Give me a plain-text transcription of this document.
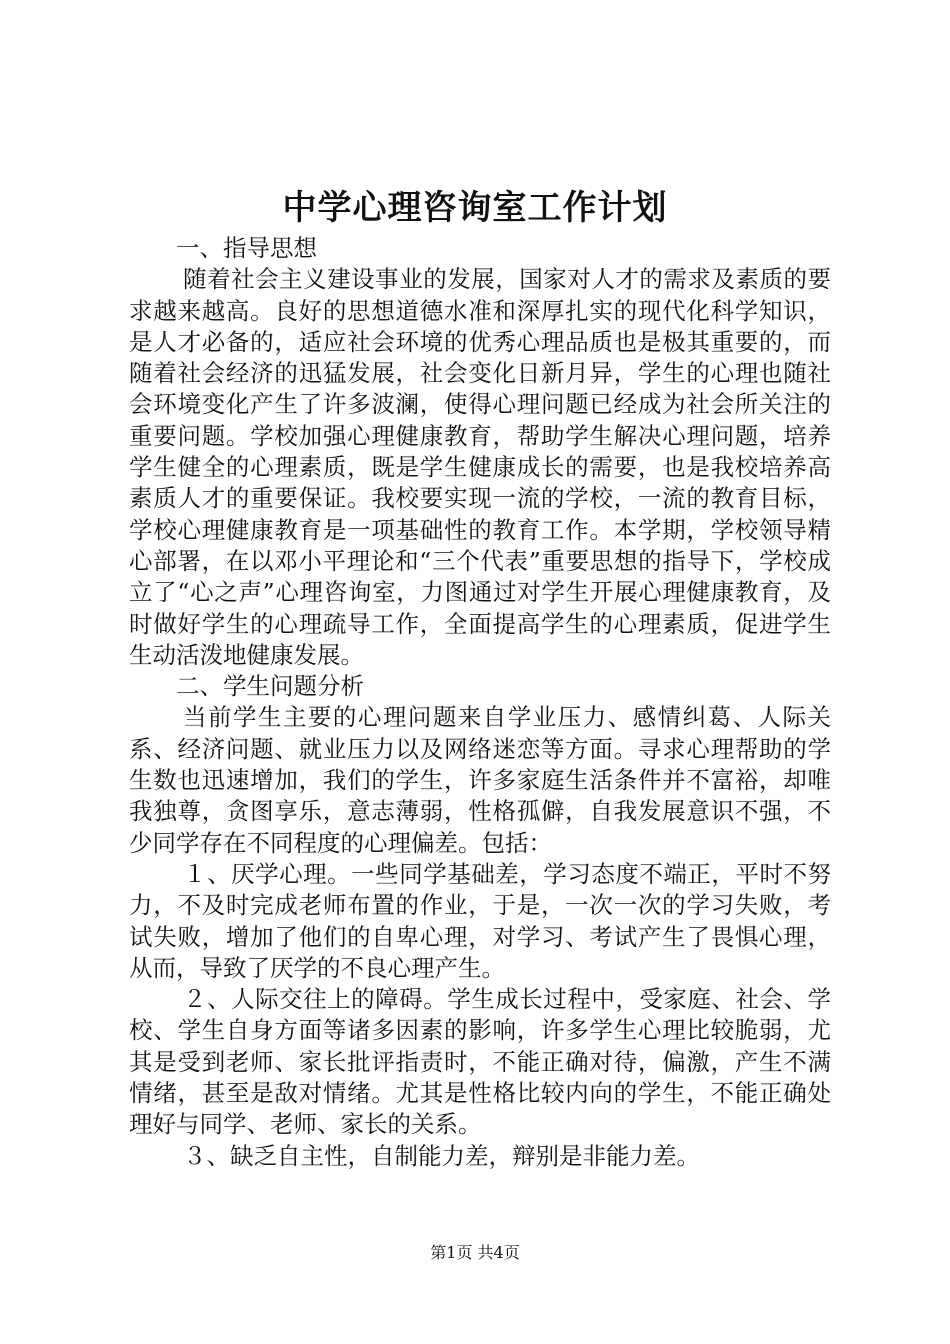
中学心理咨询室工作计划

一、指导思想

随着社会主义建设事业的发展，国家对人才的需求及素质的要求越来越高。良好的思想道德水准和深厚扎实的现代化科学知识，是人才必备的，适应社会环境的优秀心理品质也是极其重要的，而随着社会经济的迅猛发展，社会变化日新月异，学生的心理也随社会环境变化产生了许多波澜，使得心理问题已经成为社会所关注的重要问题。学校加强心理健康教育，帮助学生解决心理问题，培养学生健全的心理素质，既是学生健康成长的需要，也是我校培养高素质人才的重要保证。我校要实现一流的学校，一流的教育目标，学校心理健康教育是一项基础性的教育工作。本学期，学校领导精心部署，在以邓小平理论和“三个代表”重要思想的指导下，学校成立了“心之声”心理咨询室，力图通过对学生开展心理健康教育，及时做好学生的心理疏导工作，全面提高学生的心理素质，促进学生生动活泼地健康发展。

二、学生问题分析

当前学生主要的心理问题来自学业压力、感情纠葛、人际关系、经济问题、就业压力以及网络迷恋等方面。寻求心理帮助的学生数也迅速增加，我们的学生，许多家庭生活条件并不富裕，却唯我独尊，贪图享乐，意志薄弱，性格孤僻，自我发展意识不强，不少同学存在不同程度的心理偏差。包括：

１、厌学心理。一些同学基础差，学习态度不端正，平时不努力，不及时完成老师布置的作业，于是，一次一次的学习失败，考试失败，增加了他们的自卑心理，对学习、考试产生了畏惧心理，从而，导致了厌学的不良心理产生。

２、人际交往上的障碍。学生成长过程中，受家庭、社会、学校、学生自身方面等诸多因素的影响，许多学生心理比较脆弱，尤其是受到老师、家长批评指责时，不能正确对待，偏激，产生不满情绪，甚至是敌对情绪。尤其是性格比较内向的学生，不能正确处理好与同学、老师、家长的关系。

３、缺乏自主性，自制能力差，辩别是非能力差。

第1页 共4页
